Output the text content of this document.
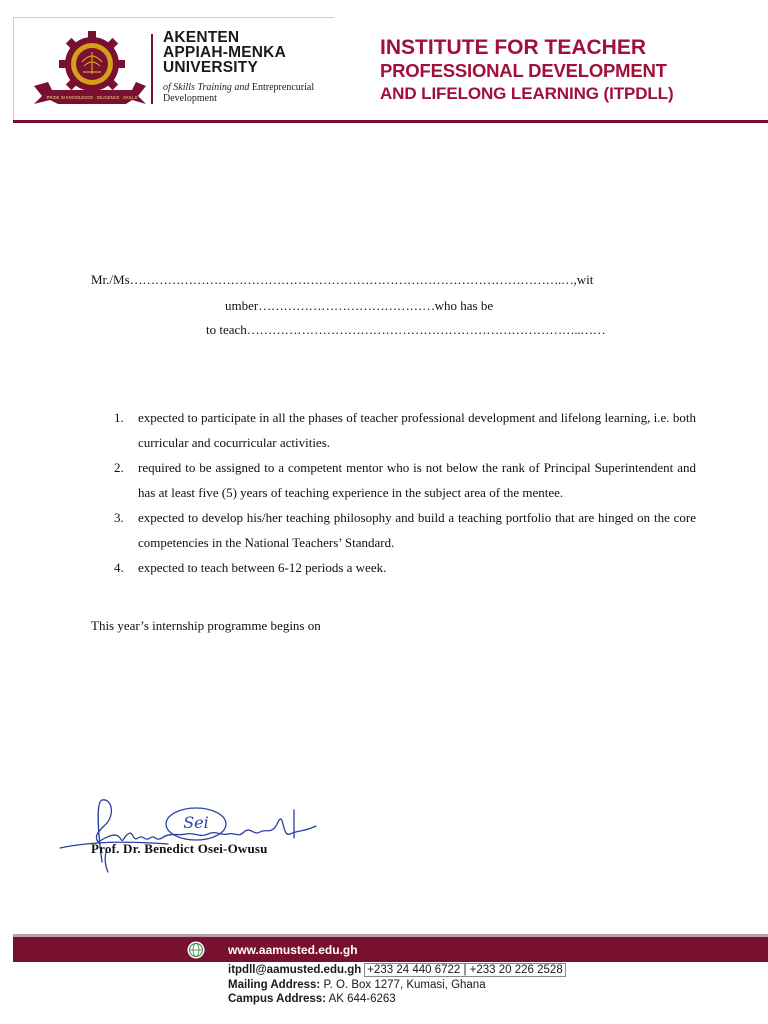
PRIDE IN KNOWLEDGE · DILIGENCE · SKILLS
AKENTEN
APPIAH-MENKA
UNIVERSITY
of Skills Training and Entreprencurial
Development
INSTITUTE FOR TEACHER
PROFESSIONAL DEVELOPMENT
AND LIFELONG LEARNING (ITPDLL)
Mr./Ms………………………………………………………………………………………….…,wit
umber……………………………………who has be
to teach……………………………………………………………………..……
1. expected to participate in all the phases of teacher professional development and lifelong learning, i.e. both curricular and cocurricular activities.
2. required to be assigned to a competent mentor who is not below the rank of Principal Superintendent and has at least five (5) years of teaching experience in the subject area of the mentee.
3. expected to develop his/her teaching philosophy and build a teaching portfolio that are hinged on the core competencies in the National Teachers’ Standard.
4. expected to teach between 6-12 periods a week.
This year’s internship programme begins on
Sei
Prof. Dr. Benedict Osei-Owusu
www.aamusted.edu.gh
itpdll@aamusted.edu.gh +233 24 440 6722 | +233 20 226 2528
Mailing Address: P. O. Box 1277, Kumasi, Ghana
Campus Address: AK 644-6263
